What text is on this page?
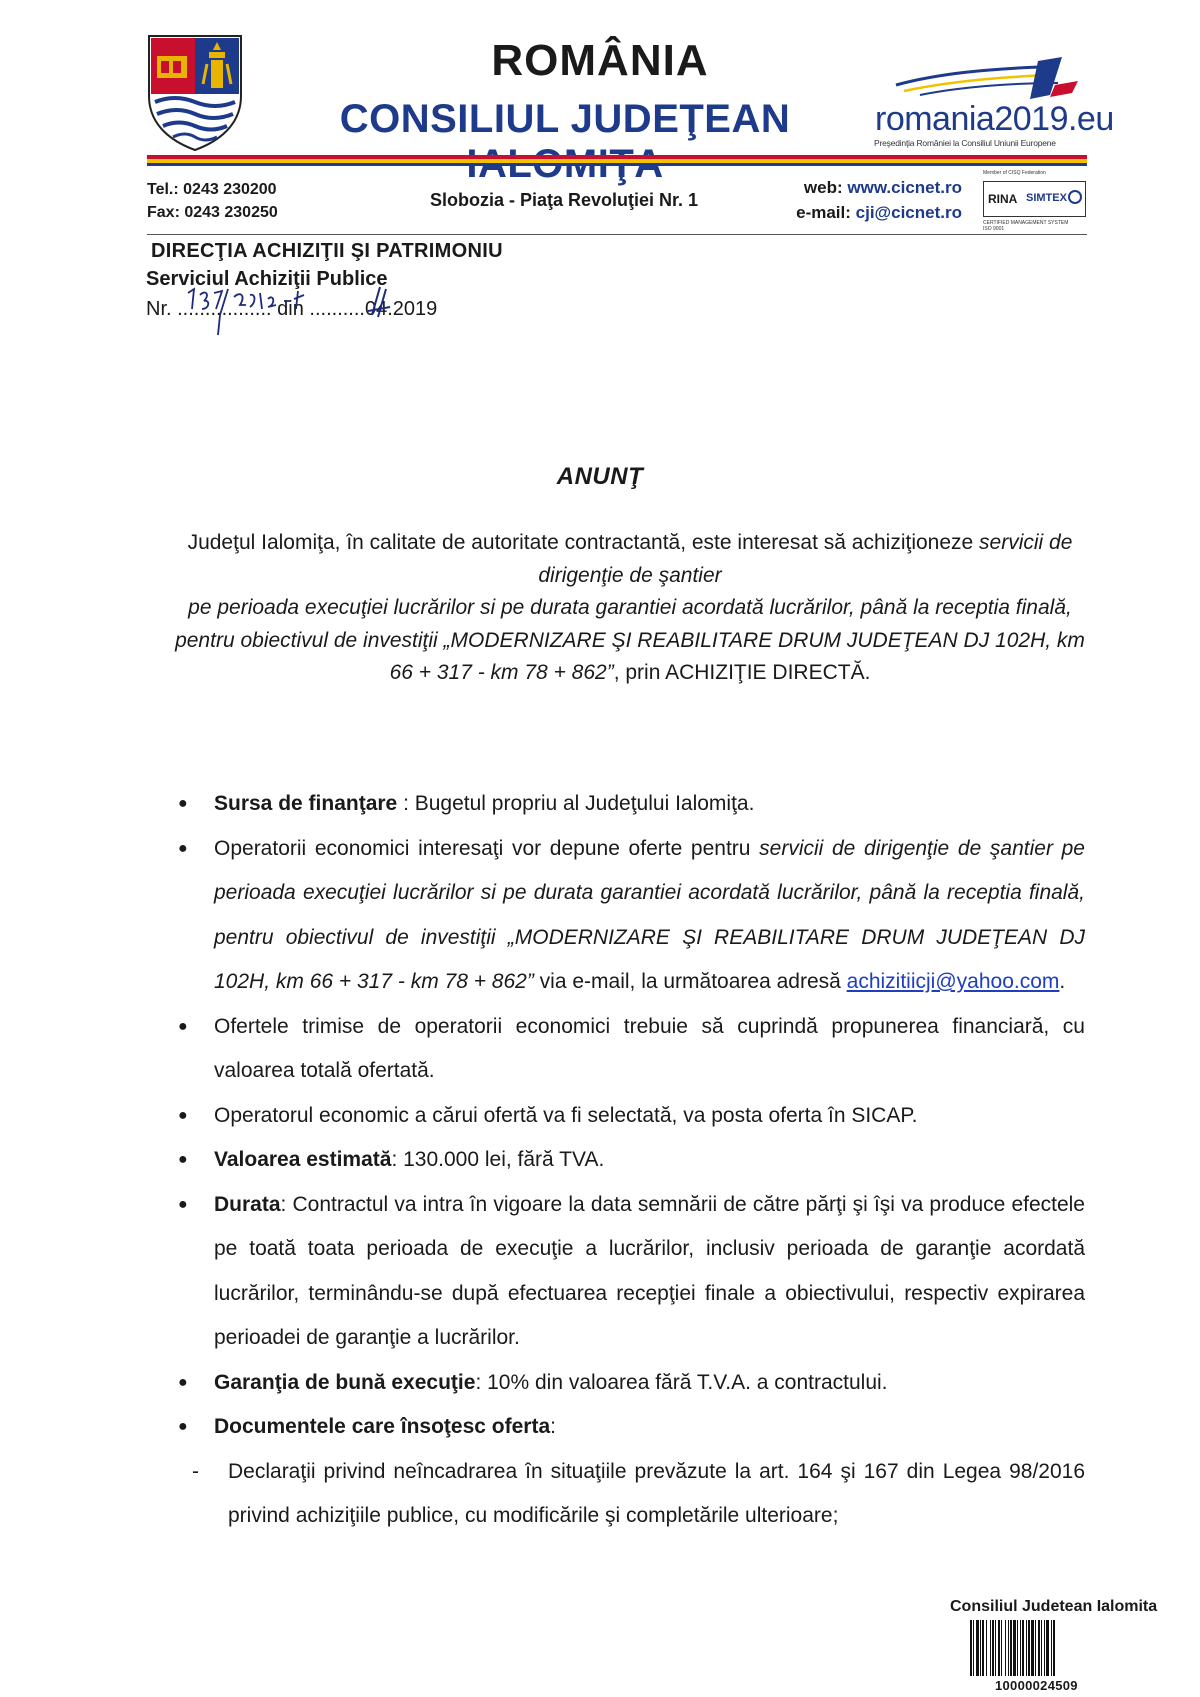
ROMÂNIA
CONSILIUL JUDEŢEAN	romania2019.eu
Preşedinţia României la Consiliul Uniunii Europene
Tel.: 0243 230200
Fax: 0243 230250
Slobozia - Piaţa Revoluţiei Nr. 1
web: www.cicnet.ro
e-mail: cji@cicnet.ro
Member of CISQ Federation
RINA SIMTEX
CERTIFIED MANAGEMENT SYSTEM
ISO 9001
DIRECŢIA ACHIZIŢII ŞI PATRIMONIU
Serviciul Achiziţii Publice
Nr. ................. din ..........04.2019
ANUNŢ
Judeţul Ialomiţa, în calitate de autoritate contractantă, este interesat să achiziţioneze servicii de dirigenţie de şantier
pe perioada execuţiei lucrărilor si pe durata garantiei acordată lucrărilor, până la receptia finală, pentru obiectivul de investiţii „MODERNIZARE ŞI REABILITARE DRUM JUDEŢEAN DJ 102H, km 66 + 317 - km 78 + 862”, prin ACHIZIŢIE DIRECTĂ.
● Sursa de finanţare : Bugetul propriu al Judeţului Ialomiţa.
● Operatorii economici interesaţi vor depune oferte pentru servicii de dirigenţie de şantier pe perioada execuţiei lucrărilor si pe durata garantiei acordată lucrărilor, până la receptia finală, pentru obiectivul de investiţii „MODERNIZARE ŞI REABILITARE DRUM JUDEŢEAN DJ 102H, km 66 + 317 - km 78 + 862” via e-mail, la următoarea adresă achizitiicji@yahoo.com.
● Ofertele trimise de operatorii economici trebuie să cuprindă propunerea financiară, cu valoarea totală ofertată.
● Operatorul economic a cărui ofertă va fi selectată, va posta oferta în SICAP.
● Valoarea estimată: 130.000 lei, fără TVA.
● Durata: Contractul va intra în vigoare la data semnării de către părţi şi îşi va produce efectele pe toată toata perioada de execuţie a lucrărilor, inclusiv perioada de garanţie acordată lucrărilor, terminându-se după efectuarea recepţiei finale a obiectivului, respectiv expirarea perioadei de garanţie a lucrărilor.
● Garanţia de bună execuţie: 10% din valoarea fără T.V.A. a contractului.
● Documentele care însoţesc oferta:
- Declaraţii privind neîncadrarea în situaţiile prevăzute la art. 164 şi 167 din Legea 98/2016 privind achiziţiile publice, cu modificările şi completările ulterioare;
Consiliul Judetean Ialomita
10000024509
